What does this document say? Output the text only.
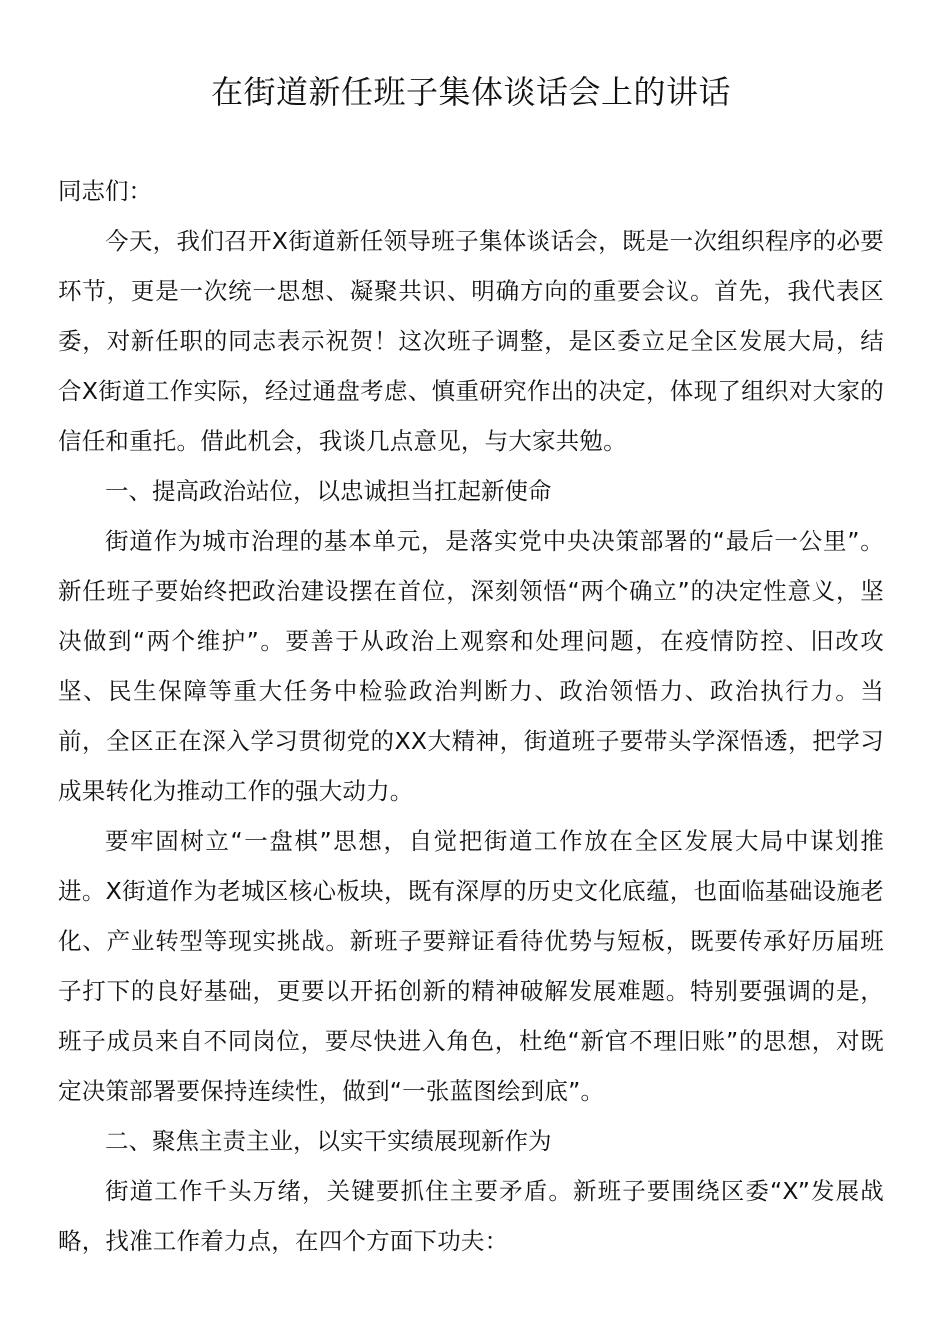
在街道新任班子集体谈话会上的讲话

同志们：

今天，我们召开X街道新任领导班子集体谈话会，既是一次组织程序的必要环节，更是一次统一思想、凝聚共识、明确方向的重要会议。首先，我代表区委，对新任职的同志表示祝贺！这次班子调整，是区委立足全区发展大局，结合X街道工作实际，经过通盘考虑、慎重研究作出的决定，体现了组织对大家的信任和重托。借此机会，我谈几点意见，与大家共勉。

一、提高政治站位，以忠诚担当扛起新使命

街道作为城市治理的基本单元，是落实党中央决策部署的“最后一公里”。新任班子要始终把政治建设摆在首位，深刻领悟“两个确立”的决定性意义，坚决做到“两个维护”。要善于从政治上观察和处理问题，在疫情防控、旧改攻坚、民生保障等重大任务中检验政治判断力、政治领悟力、政治执行力。当前，全区正在深入学习贯彻党的XX大精神，街道班子要带头学深悟透，把学习成果转化为推动工作的强大动力。

要牢固树立“一盘棋”思想，自觉把街道工作放在全区发展大局中谋划推进。X街道作为老城区核心板块，既有深厚的历史文化底蕴，也面临基础设施老化、产业转型等现实挑战。新班子要辩证看待优势与短板，既要传承好历届班子打下的良好基础，更要以开拓创新的精神破解发展难题。特别要强调的是，班子成员来自不同岗位，要尽快进入角色，杜绝“新官不理旧账”的思想，对既定决策部署要保持连续性，做到“一张蓝图绘到底”。

二、聚焦主责主业，以实干实绩展现新作为

街道工作千头万绪，关键要抓住主要矛盾。新班子要围绕区委“X”发展战略，找准工作着力点，在四个方面下功夫：
